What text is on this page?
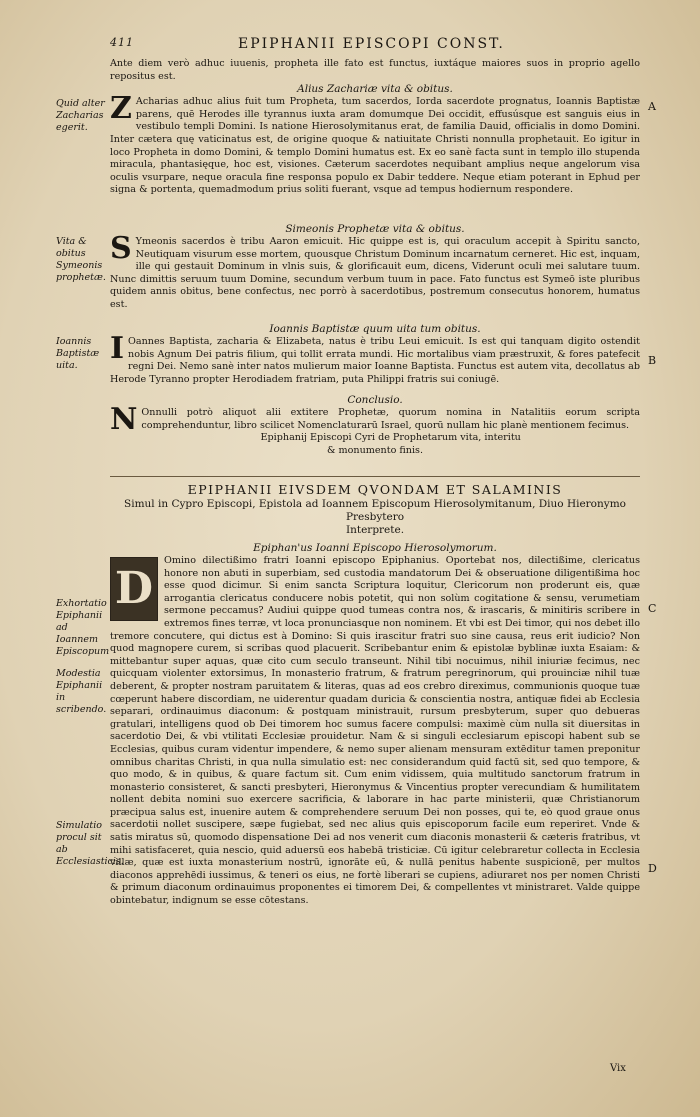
411	EPIPHANII EPISCOPI CONST.

Ante diem verò adhuc iuuenis, propheta ille fato est functus, iuxtáque maiores suos in proprio agello repositus est.

Alius Zachariæ vita & obitus.

Z Acharias adhuc alius fuit tum Propheta, tum sacerdos, Iorda sacerdote prognatus, Ioannis Baptistæ parens, quē Herodes ille tyrannus iuxta aram domumque Dei occidit, effusúsque est sanguis eius in vestibulo templi Domini. Is natione Hierosolymitanus erat, de familia Dauid, officialis in domo Domini. Inter cætera quę vaticinatus est, de origine quoque & natiuitate Christi nonnulla prophetauit. Eo igitur in loco Propheta in domo Domini, & templo Domini humatus est. Ex eo sanè facta sunt in templo illo stupenda miracula, phantasięque, hoc est, visiones. Cæterum sacerdotes nequibant amplius neque angelorum visa oculis vsurpare, neque oracula fine responsa populo ex Dabir teddere. Neque etiam poterant in Ephud per signa & portenta, quemadmodum prius soliti fuerant, vsque ad tempus hodiernum respondere.

Simeonis Prophetæ vita & obitus.

S Ymeonis sacerdos è tribu Aaron emicuit. Hic quippe est is, qui oraculum accepit à Spiritu sancto, Neutiquam visurum esse mortem, quousque Christum Dominum incarnatum cerneret. Hic est, inquam, ille qui gestauit Dominum in vlnis suis, & glorificauit eum, dicens, Viderunt oculi mei salutare tuum. Nunc dimittis seruum tuum Domine, secundum verbum tuum in pace. Fato functus est Symeō iste pluribus quidem annis obitus, bene confectus, nec porrò à sacerdotibus, postremum consecutus honorem, humatus est.

Ioannis Baptistæ quum uita tum obitus.

I Oannes Baptista, zacharia & Elizabeta, natus è tribu Leui emicuit. Is est qui tanquam digito ostendit nobis Agnum Dei patris filium, qui tollit errata mundi. Hic mortalibus viam præstruxit, & fores patefecit regni Dei. Nemo sanè inter natos mulierum maior Ioanne Baptista. Functus est autem vita, decollatus ab Herode Tyranno propter Herodiadem fratriam, puta Philippi fratris sui coniugē.

Conclusio.

N Onnulli potrò aliquot alii extitere Prophetæ, quorum nomina in Natalitiis eorum scripta comprehenduntur, libro scilicet Nomenclaturarū Israel, quorū nullam hic planè mentionem fecimus.

Epiphanij Episcopi Cyri de Prophetarum vita, interitu
& monumento finis.
EPIPHANII EIVSDEM QVONDAM ET SALAMINIS
Simul in Cypro Episcopi, Epistola ad Ioannem Episcopum Hierosolymitanum, Diuo Hieronymo Presbytero
Interprete.
Epiphan'us Ioanni Episcopo Hierosolymorum.

D
Omino dilectißimo fratri Ioanni episcopo Epiphanius. Oportebat nos, dilectißime, clericatus honore non abuti in superbiam, sed custodia mandatorum Dei & obseruatione diligentißima hoc esse quod dicimur. Si enim sancta Scriptura loquitur, Clericorum non proderunt eis, quæ arrogantia clericatus conducere nobis potetit, qui non solùm cogitatione & sensu, verumetiam sermone peccamus? Audiui quippe quod tumeas contra nos, & irascaris, & minitiris scribere in extremos fines terræ, vt loca pronunciasque non nominem. Et vbi est Dei timor, qui nos debet illo tremore concutere, qui dictus est à Domino: Si quis irascitur fratri suo sine causa, reus erit iudicio? Non quod magnopere curem, si scribas quod placuerit. Scribebantur enim & epistolæ byblinæ iuxta Esaiam: & mittebantur super aquas, quæ cito cum seculo transeunt. Nihil tibi nocuimus, nihil iniuriæ fecimus, nec quicquam violenter extorsimus, In monasterio fratrum, & fratrum peregrinorum, qui prouinciæ nihil tuæ deberent, & propter nostram paruitatem & literas, quas ad eos crebro direximus, communionis quoque tuæ cœperunt habere discordiam, ne uiderentur quadam duricia & conscientia nostra, antiquæ fidei ab Ecclesia separari, ordinauimus diaconum: & postquam ministrauit, rursum presbyterum, super quo debueras gratulari, intelligens quod ob Dei timorem hoc sumus facere compulsi: maximè cùm nulla sit diuersitas in sacerdotio Dei, & vbi vtilitati Ecclesiæ prouidetur. Nam & si singuli ecclesiarum episcopi habent sub se Ecclesias, quibus curam videntur impendere, & nemo super alienam mensuram extēditur tamen preponitur omnibus charitas Christi, in qua nulla simulatio est: nec considerandum quid factū sit, sed quo tempore, & quo modo, & in quibus, & quare factum sit. Cum enim vidissem, quia multitudo sanctorum fratrum in monasterio consisteret, & sancti presbyteri, Hieronymus & Vincentius propter verecundiam & humilitatem nollent debita nomini suo exercere sacrificia, & laborare in hac parte ministerii, quæ Christianorum præcipua salus est, inuenire autem & comprehendere seruum Dei non posses, qui te, eò quod graue onus sacerdotii nollet suscipere, sæpe fugiebat, sed nec alius quis episcoporum facile eum reperiret. Vnde & satis miratus sū, quomodo dispensatione Dei ad nos venerit cum diaconis monasterii & cæteris fratribus, vt mihi satisfaceret, quia nescio, quid aduersū eos habebā tristiciæ. Cū igitur celebraretur collecta in Ecclesia villæ, quæ est iuxta monasterium nostrū, ignorāte eū, & nullā penitus habente suspicionē, per multos diaconos apprehēdi iussimus, & teneri os eius, ne fortè liberari se cupiens, adiuraret nos per nomen Christi & primum diaconum ordinauimus proponentes ei timorem Dei, & compellentes vt ministraret. Valde quippe obintebatur, indignum se esse cōtestans.

Quid alter Zacharias egerit.
Vita & obitus Symeonis prophetæ.
Ioannis Baptistæ uita.
Exhortatio Epiphanii ad Ioannem Episcopum
Modestia Epiphanii in scribendo.
Simulatio procul sit ab Ecclesiasticis.
A
B
C
D
Vix
